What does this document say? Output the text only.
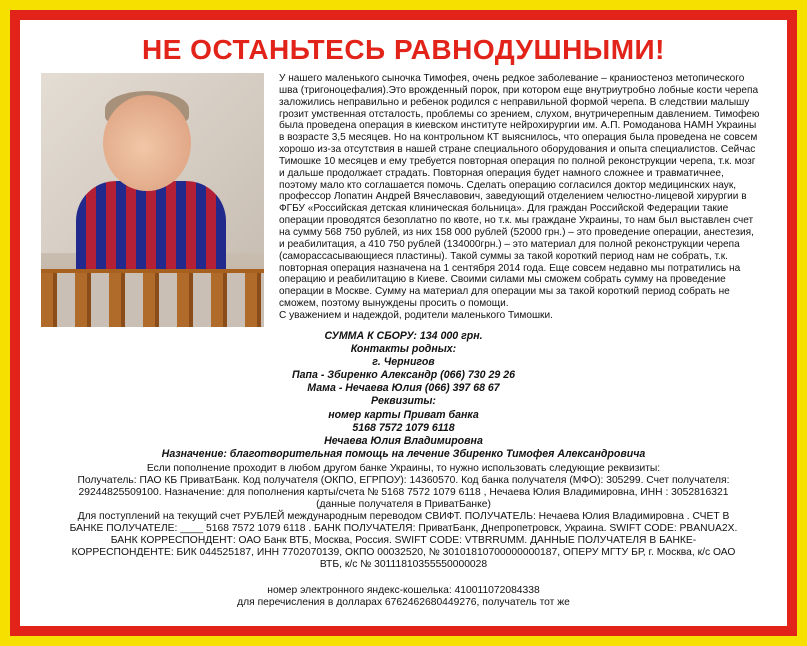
НЕ ОСТАНЬТЕСЬ РАВНОДУШНЫМИ!
У нашего маленького сыночка Тимофея, очень редкое заболевание – краниостеноз метопического
шва (тригоноцефалия).Это врожденный порок, при котором еще внутриутробно лобные кости черепа
заложились неправильно и ребенок родился с неправильной формой черепа. В следствии малышу
грозит умственная отсталость, проблемы со зрением, слухом, внутричерепным давлением. Тимофею
была проведена операция в киевском институте нейрохирургии им. А.П. Ромоданова НАМН Украины
в возрасте 3,5 месяцев. Но на контрольном КТ выяснилось, что операция была проведена не совсем
хорошо из-за отсутствия в нашей стране специального оборудования и опыта специалистов. Сейчас
Тимошке 10 месяцев и ему требуется повторная операция по полной реконструкции черепа, т.к. мозг
и дальше продолжает страдать. Повторная операция будет намного сложнее и травматичнее,
поэтому мало кто соглашается помочь. Сделать операцию согласился доктор медицинских наук,
профессор Лопатин Андрей Вячеславович, заведующий отделением челюстно-лицевой хирургии в
ФГБУ «Российская детская клиническая больница». Для граждан Российской Федерации такие
операции проводятся безоплатно по квоте, но т.к. мы граждане Украины, то нам был выставлен счет
на сумму 568 750 рублей, из них 158 000 рублей (52000 грн.) – это проведение операции, анестезия,
и реабилитация, а 410 750 рублей (134000грн.) – это материал для полной реконструкции черепа
(саморассасывающиеся пластины). Такой суммы за такой короткий период нам не собрать, т.к.
повторная операция назначена на 1 сентября 2014 года. Еще совсем недавно мы потратились на
операцию и реабилитацию в Киеве. Своими силами мы сможем собрать сумму на проведение
операции в Москве. Сумму на материал для операции мы за такой короткий период собрать не
сможем, поэтому вынуждены просить о помощи.
С уважением и надеждой, родители маленького Тимошки.
СУММА К СБОРУ: 134 000 грн.
Контакты родных:
г. Чернигов
Папа - Збиренко Александр (066) 730 29 26
Мама - Нечаева Юлия (066) 397 68 67
Реквизиты:
номер карты Приват банка
5168 7572 1079 6118
Нечаева Юлия Владимировна
Назначение: благотворительная помощь на лечение Збиренко Тимофея Александровича
Если пополнение проходит в любом другом банке Украины, то нужно использовать следующие реквизиты:
Получатель: ПАО КБ ПриватБанк. Код получателя (ОКПО, ЕГРПОУ): 14360570. Код банка получателя (МФО): 305299. Счет получателя:
29244825509100. Назначение: для пополнения карты/счета № 5168 7572 1079 6118 , Нечаева Юлия Владимировна, ИНН : 3052816321
(данные получателя в ПриватБанке)
Для поступлений на текущий счет РУБЛЕЙ международным переводом СВИФТ. ПОЛУЧАТЕЛЬ: Нечаева Юлия Владимировна . СЧЕТ В
БАНКЕ ПОЛУЧАТЕЛЕ: ____ 5168 7572 1079 6118 . БАНК ПОЛУЧАТЕЛЯ: ПриватБанк, Днепропетровск, Украина. SWIFT CODE: PBANUA2X.
БАНК КОРРЕСПОНДЕНТ: ОАО Банк ВТБ, Москва, Россия. SWIFT CODE: VTBRRUMM. ДАННЫЕ ПОЛУЧАТЕЛЯ В БАНКЕ-
КОРРЕСПОНДЕНТЕ: БИК 044525187, ИНН 7702070139, ОКПО 00032520, № 30101810700000000187, ОПЕРУ МГТУ БР, г. Москва, к/с ОАО
ВТБ, к/с № 30111810355550000028
номер электронного яндекс-кошелька: 410011072084338
для перечисления в долларах 6762462680449276, получатель тот же
